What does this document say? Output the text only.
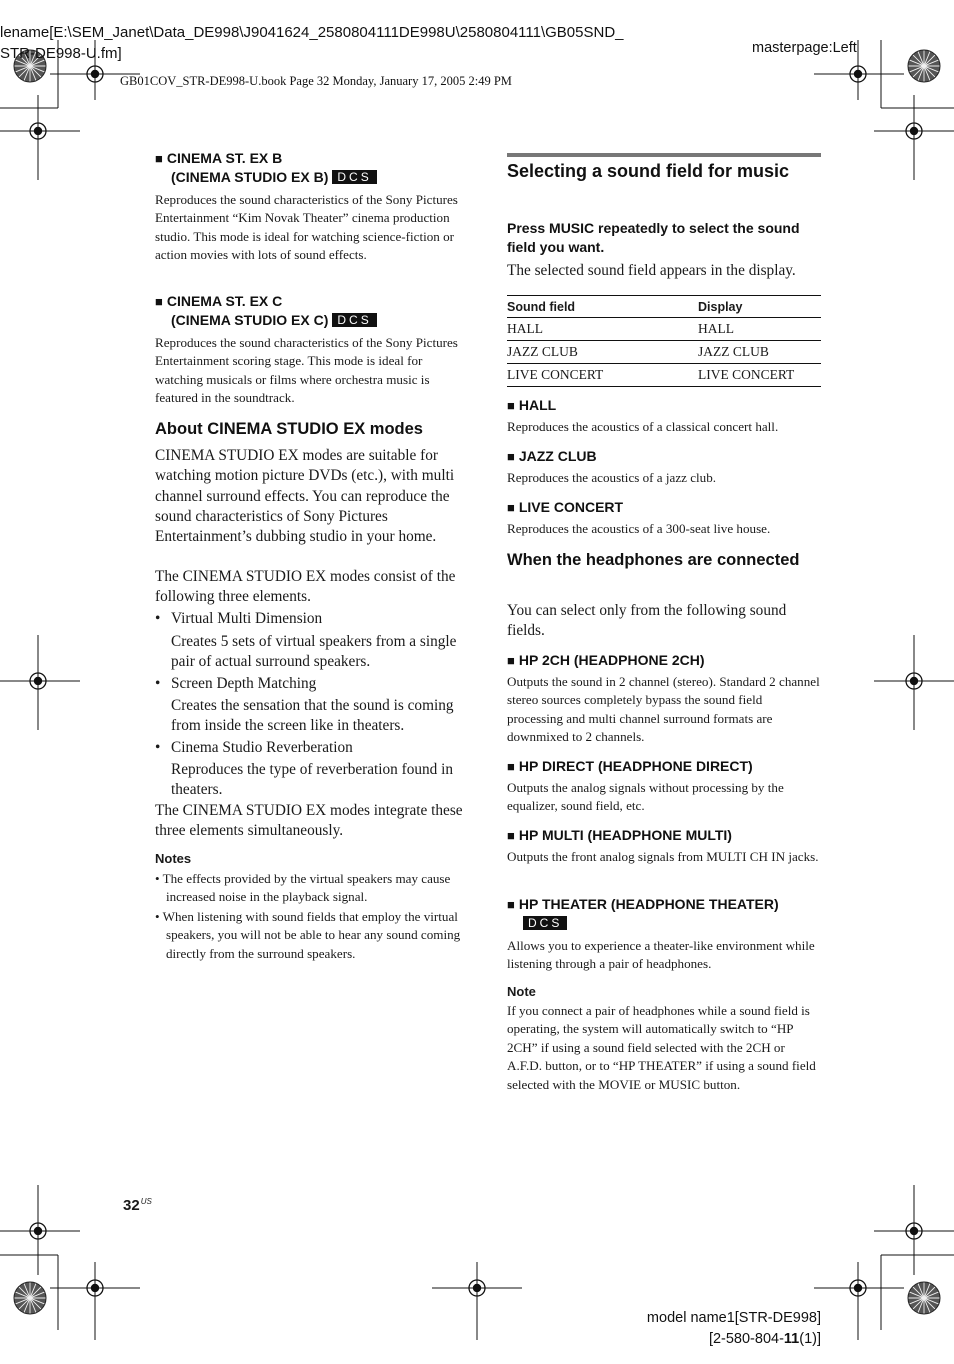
lename[E:\SEM_Janet\Data_DE998\J9041624_2580804111DE998U\2580804111\GB05SND_
STR-DE998-U.fm]	masterpage:Left
GB01COV_STR-DE998-U.book Page 32 Monday, January 17, 2005 2:49 PM
■ CINEMA ST. EX B
(CINEMA STUDIO EX B) DCS
Reproduces the sound characteristics of the Sony Pictures Entertainment “Kim Novak Theater” cinema production studio. This mode is ideal for watching science-fiction or action movies with lots of sound effects.
■ CINEMA ST. EX C
(CINEMA STUDIO EX C) DCS
Reproduces the sound characteristics of the Sony Pictures Entertainment scoring stage. This mode is ideal for watching musicals or films where orchestra music is featured in the soundtrack.
About CINEMA STUDIO EX modes
CINEMA STUDIO EX modes are suitable for watching motion picture DVDs (etc.), with multi channel surround effects. You can reproduce the sound characteristics of Sony Pictures Entertainment’s dubbing studio in your home.
The CINEMA STUDIO EX modes consist of the following three elements.
• Virtual Multi Dimension
Creates 5 sets of virtual speakers from a single pair of actual surround speakers.
• Screen Depth Matching
Creates the sensation that the sound is coming from inside the screen like in theaters.
• Cinema Studio Reverberation
Reproduces the type of reverberation found in theaters.
The CINEMA STUDIO EX modes integrate these three elements simultaneously.
Notes
• The effects provided by the virtual speakers may cause increased noise in the playback signal.
• When listening with sound fields that employ the virtual speakers, you will not be able to hear any sound coming directly from the surround speakers.
Selecting a sound field for music
Press MUSIC repeatedly to select the sound field you want.
The selected sound field appears in the display.
Sound field	Display
HALL	HALL
JAZZ CLUB	JAZZ CLUB
LIVE CONCERT	LIVE CONCERT
■ HALL
Reproduces the acoustics of a classical concert hall.
■ JAZZ CLUB
Reproduces the acoustics of a jazz club.
■ LIVE CONCERT
Reproduces the acoustics of a 300-seat live house.
When the headphones are connected
You can select only from the following sound fields.
■ HP 2CH (HEADPHONE 2CH)
Outputs the sound in 2 channel (stereo). Standard 2 channel stereo sources completely bypass the sound field processing and multi channel surround formats are downmixed to 2 channels.
■ HP DIRECT (HEADPHONE DIRECT)
Outputs the analog signals without processing by the equalizer, sound field, etc.
■ HP MULTI (HEADPHONE MULTI)
Outputs the front analog signals from MULTI CH IN jacks.
■ HP THEATER (HEADPHONE THEATER)
DCS
Allows you to experience a theater-like environment while listening through a pair of headphones.
Note
If you connect a pair of headphones while a sound field is operating, the system will automatically switch to “HP 2CH” if using a sound field selected with the 2CH or A.F.D. button, or to “HP THEATER” if using a sound field selected with the MOVIE or MUSIC button.
$32^{US}$
model name1[STR-DE998]
[2-580-804-11(1)]
